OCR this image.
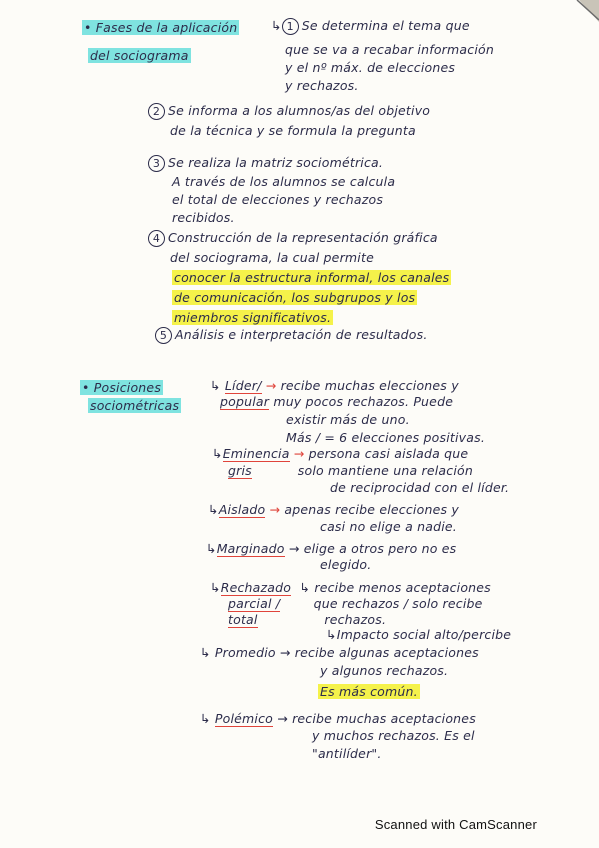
• Fases de la aplicación
del sociograma
↳ 1 Se determina el tema que
que se va a recabar información
y el nº máx. de elecciones
y rechazos.
2 Se informa a los alumnos/as del objetivo
de la técnica y se formula la pregunta
3 Se realiza la matriz sociométrica.
A través de los alumnos se calcula
el total de elecciones y rechazos
recibidos.
4 Construcción de la representación gráfica
del sociograma, la cual permite
conocer la estructura informal, los canales
de comunicación, los subgrupos y los
miembros significativos.
5 Análisis e interpretación de resultados.
• Posiciones
sociométricas
↳ Líder/ → recibe muchas elecciones y
popular muy pocos rechazos. Puede
existir más de uno.
Más / = 6 elecciones positivas.
↳Eminencia → persona casi aislada que
gris	solo mantiene una relación
de reciprocidad con el líder.
↳Aislado → apenas recibe elecciones y
casi no elige a nadie.
↳Marginado → elige a otros pero no es
elegido.
↳Rechazado ↳ recibe menos aceptaciones
parcial /	que rechazos / solo recibe
total	rechazos.
↳Impacto social alto/percibe
↳ Promedio → recibe algunas aceptaciones
y algunos rechazos.
Es más común.
↳ Polémico → recibe muchas aceptaciones
y muchos rechazos. Es el
"antilíder".
Scanned with CamScanner
